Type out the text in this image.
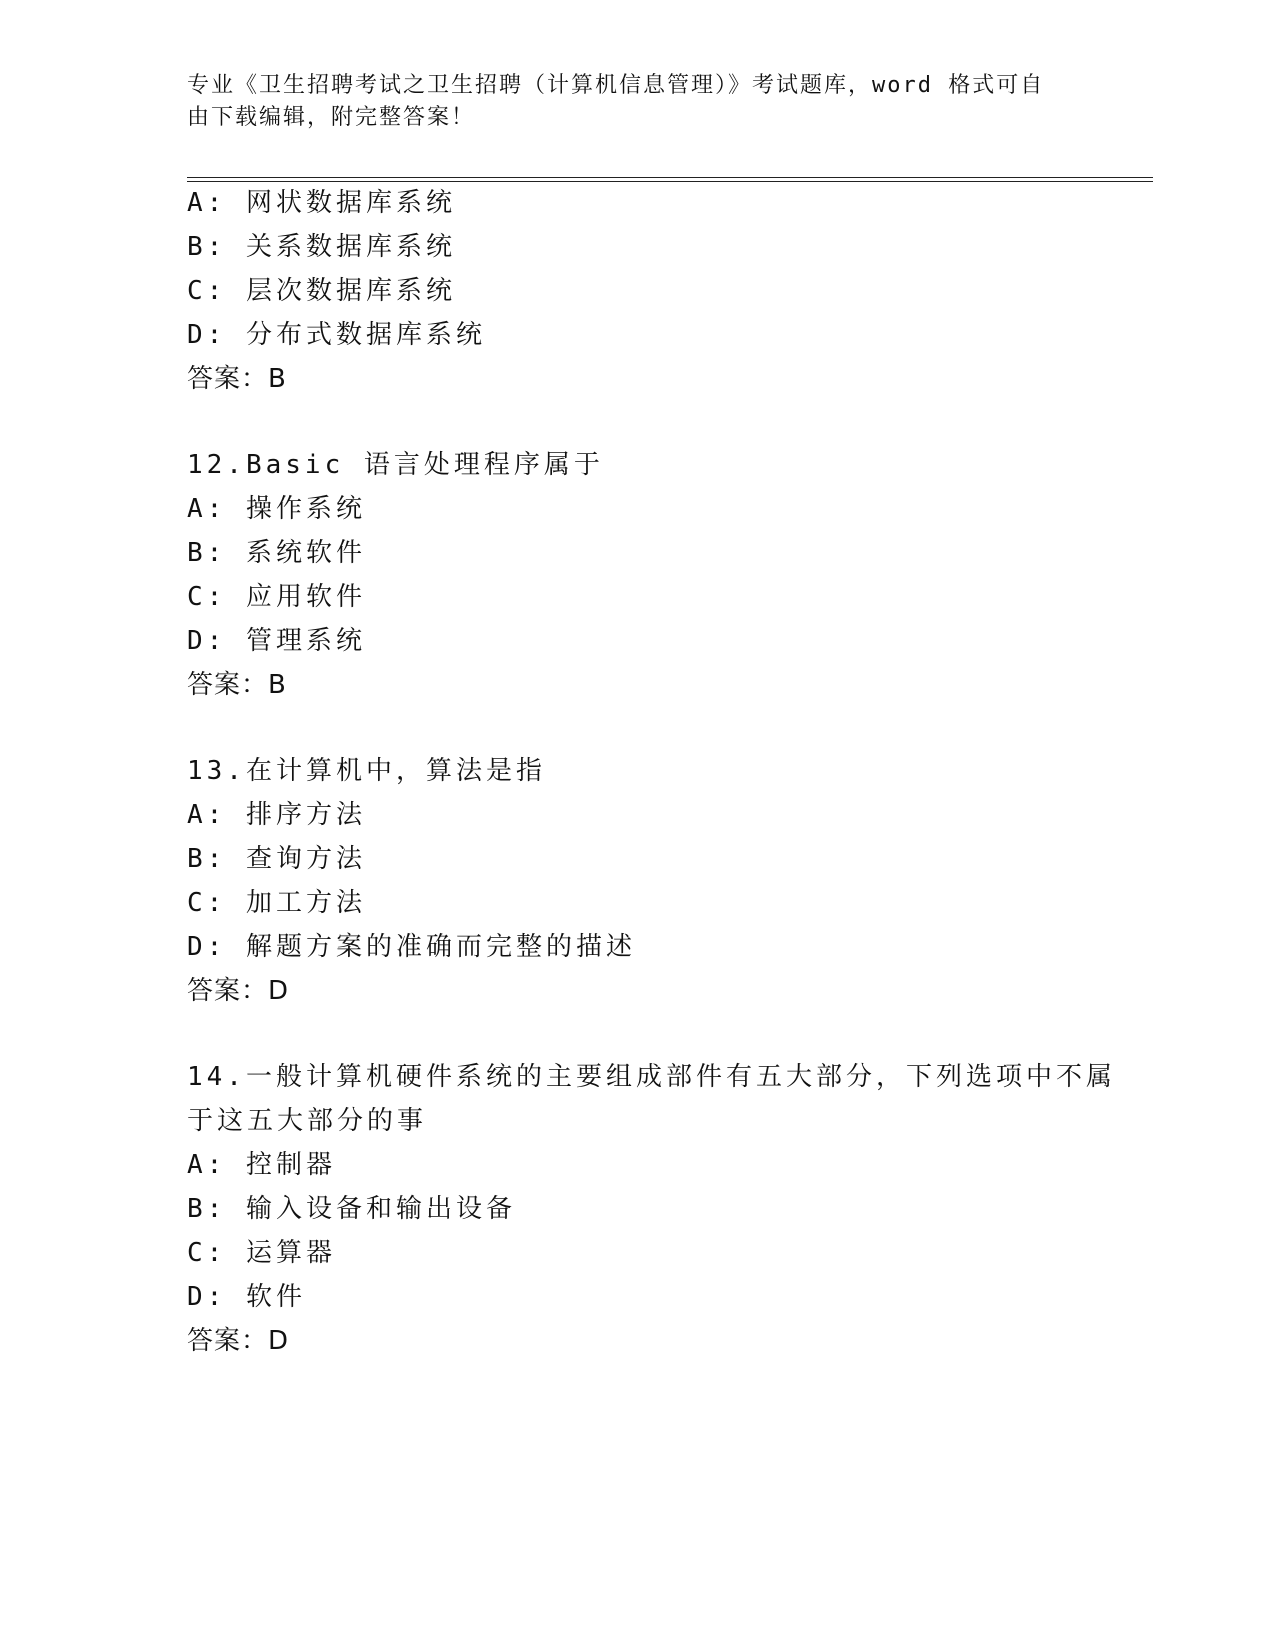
专业《卫生招聘考试之卫生招聘（计算机信息管理）》考试题库，word 格式可自由下载编辑，附完整答案！
A: 网状数据库系统
B: 关系数据库系统
C: 层次数据库系统
D: 分布式数据库系统
答案：B
12.Basic 语言处理程序属于
A: 操作系统
B: 系统软件
C: 应用软件
D: 管理系统
答案：B
13.在计算机中，算法是指
A: 排序方法
B: 查询方法
C: 加工方法
D: 解题方案的准确而完整的描述
答案：D
14.一般计算机硬件系统的主要组成部件有五大部分，下列选项中不属
于这五大部分的事
A: 控制器
B: 输入设备和输出设备
C: 运算器
D: 软件
答案：D
